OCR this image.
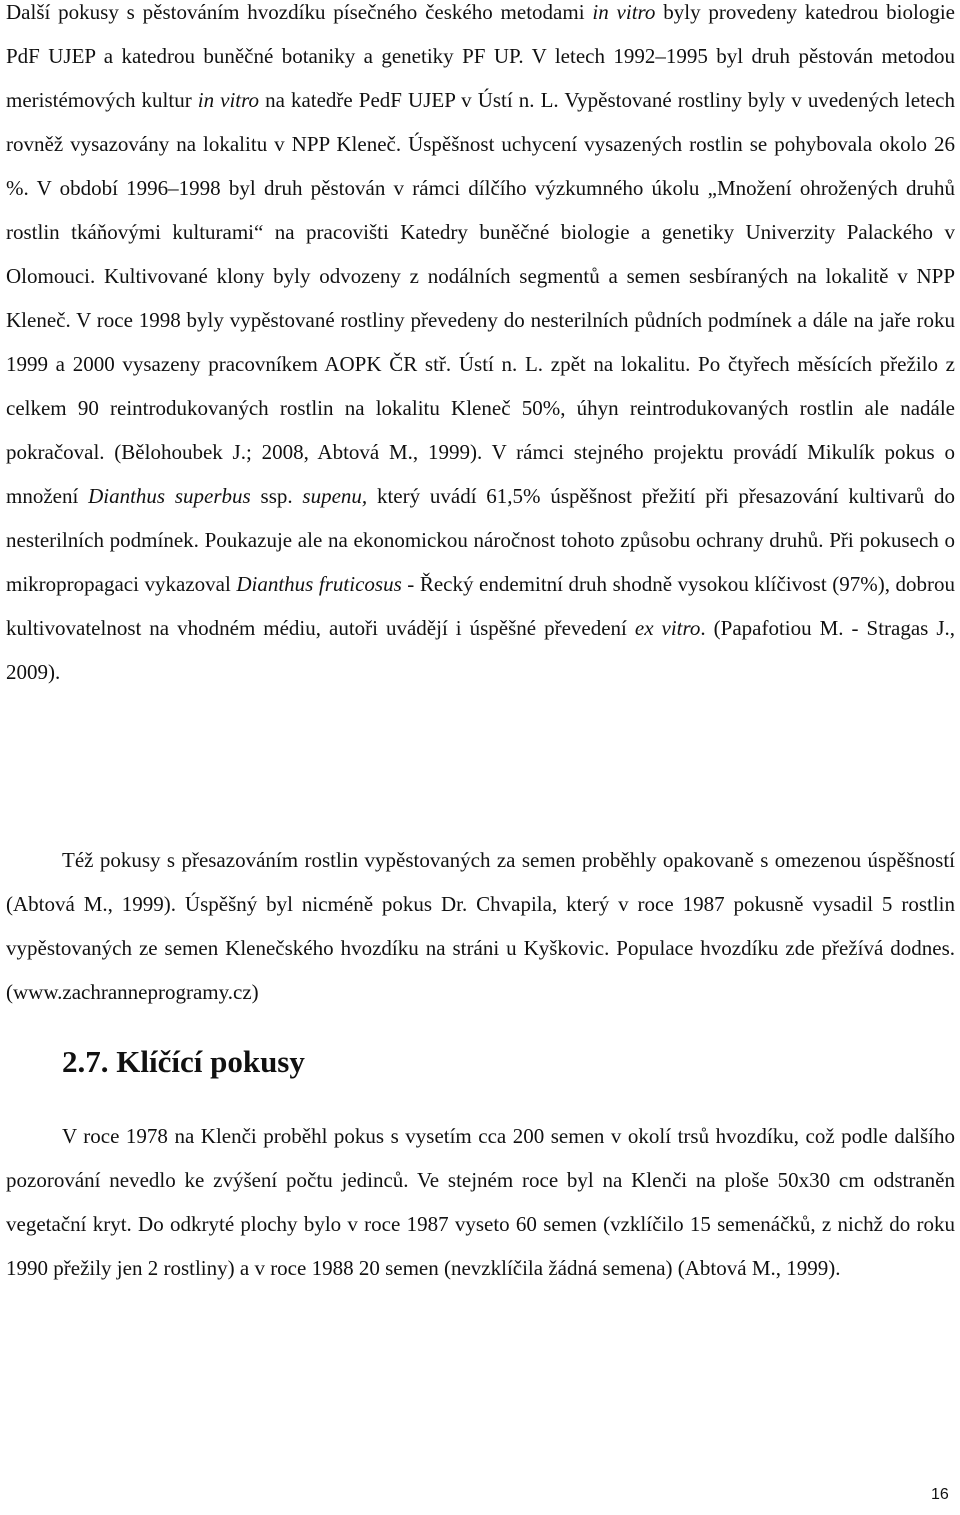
Další pokusy s pěstováním hvozdíku písečného českého metodami in vitro byly provedeny katedrou biologie PdF UJEP a katedrou buněčné botaniky a genetiky PF UP. V letech 1992–1995 byl druh pěstován metodou meristémových kultur in vitro na katedře PedF UJEP v Ústí n. L. Vypěstované rostliny byly v uvedených letech rovněž vysazovány na lokalitu v NPP Kleneč. Úspěšnost uchycení vysazených rostlin se pohybovala okolo 26 %. V období 1996–1998 byl druh pěstován v rámci dílčího výzkumného úkolu „Množení ohrožených druhů rostlin tkáňovými kulturami“ na pracovišti Katedry buněčné biologie a genetiky Univerzity Palackého v Olomouci. Kultivované klony byly odvozeny z nodálních segmentů a semen sesbíraných na lokalitě v NPP Kleneč. V roce 1998 byly vypěstované rostliny převedeny do nesterilních půdních podmínek a dále na jaře roku 1999 a 2000 vysazeny pracovníkem AOPK ČR stř. Ústí n. L. zpět na lokalitu. Po čtyřech měsících přežilo z celkem 90 reintrodukovaných rostlin na lokalitu Kleneč 50%, úhyn reintrodukovaných rostlin ale nadále pokračoval. (Bělohoubek J.; 2008, Abtová M., 1999). V rámci stejného projektu provádí Mikulík pokus o množení Dianthus superbus ssp. supenu, který uvádí 61,5% úspěšnost přežití při přesazování kultivarů do nesterilních podmínek. Poukazuje ale na ekonomickou náročnost tohoto způsobu ochrany druhů. Při pokusech o mikropropagaci vykazoval Dianthus fruticosus - Řecký endemitní druh shodně vysokou klíčivost (97%), dobrou kultivovatelnost na vhodném médiu, autoři uvádějí i úspěšné převedení ex vitro. (Papafotiou M. - Stragas J., 2009).

Též pokusy s přesazováním rostlin vypěstovaných za semen proběhly opakovaně s omezenou úspěšností (Abtová M., 1999). Úspěšný byl nicméně pokus Dr. Chvapila, který v roce 1987 pokusně vysadil 5 rostlin vypěstovaných ze semen Klenečského hvozdíku na stráni u Kyškovic. Populace hvozdíku zde přežívá dodnes. (www.zachranneprogramy.cz)

2.7. Klíčící pokusy

V roce 1978 na Klenči proběhl pokus s vysetím cca 200 semen v okolí trsů hvozdíku, což podle dalšího pozorování nevedlo ke zvýšení počtu jedinců. Ve stejném roce byl na Klenči na ploše 50x30 cm odstraněn vegetační kryt. Do odkryté plochy bylo v roce 1987 vyseto 60 semen (vzklíčilo 15 semenáčků, z nichž do roku 1990 přežily jen 2 rostliny) a v roce 1988 20 semen (nevzklíčila žádná semena) (Abtová M., 1999).

16
